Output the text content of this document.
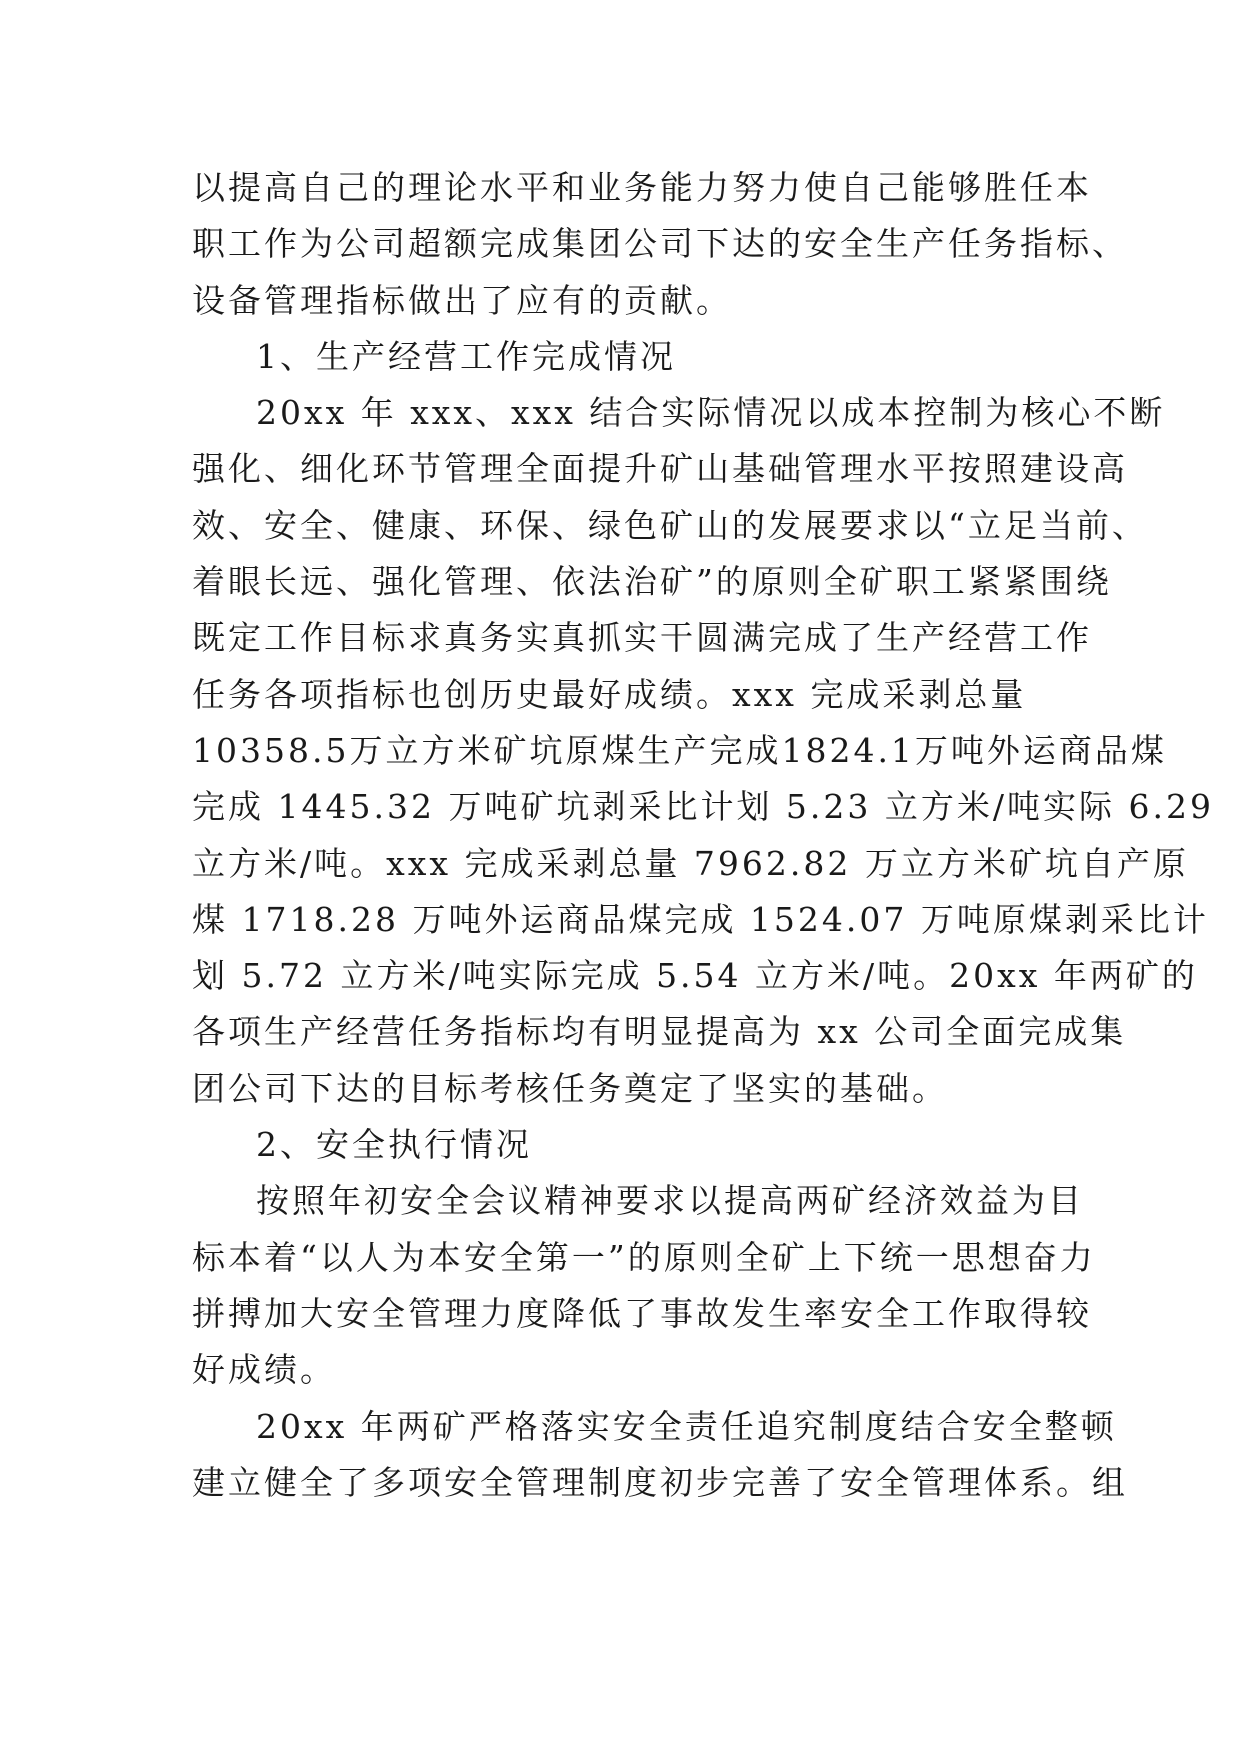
以提高自己的理论水平和业务能力努力使自己能够胜任本
职工作为公司超额完成集团公司下达的安全生产任务指标、
设备管理指标做出了应有的贡献。
1、生产经营工作完成情况
20xx 年 xxx、xxx 结合实际情况以成本控制为核心不断
强化、细化环节管理全面提升矿山基础管理水平按照建设高
效、安全、健康、环保、绿色矿山的发展要求以“立足当前、
着眼长远、强化管理、依法治矿”的原则全矿职工紧紧围绕
既定工作目标求真务实真抓实干圆满完成了生产经营工作
任务各项指标也创历史最好成绩。xxx 完成采剥总量
10358.5万立方米矿坑原煤生产完成1824.1万吨外运商品煤
完成 1445.32 万吨矿坑剥采比计划 5.23 立方米/吨实际 6.29
立方米/吨。xxx 完成采剥总量 7962.82 万立方米矿坑自产原
煤 1718.28 万吨外运商品煤完成 1524.07 万吨原煤剥采比计
划 5.72 立方米/吨实际完成 5.54 立方米/吨。20xx 年两矿的
各项生产经营任务指标均有明显提高为 xx 公司全面完成集
团公司下达的目标考核任务奠定了坚实的基础。
2、安全执行情况
按照年初安全会议精神要求以提高两矿经济效益为目
标本着“以人为本安全第一”的原则全矿上下统一思想奋力
拼搏加大安全管理力度降低了事故发生率安全工作取得较
好成绩。
20xx 年两矿严格落实安全责任追究制度结合安全整顿
建立健全了多项安全管理制度初步完善了安全管理体系。组
